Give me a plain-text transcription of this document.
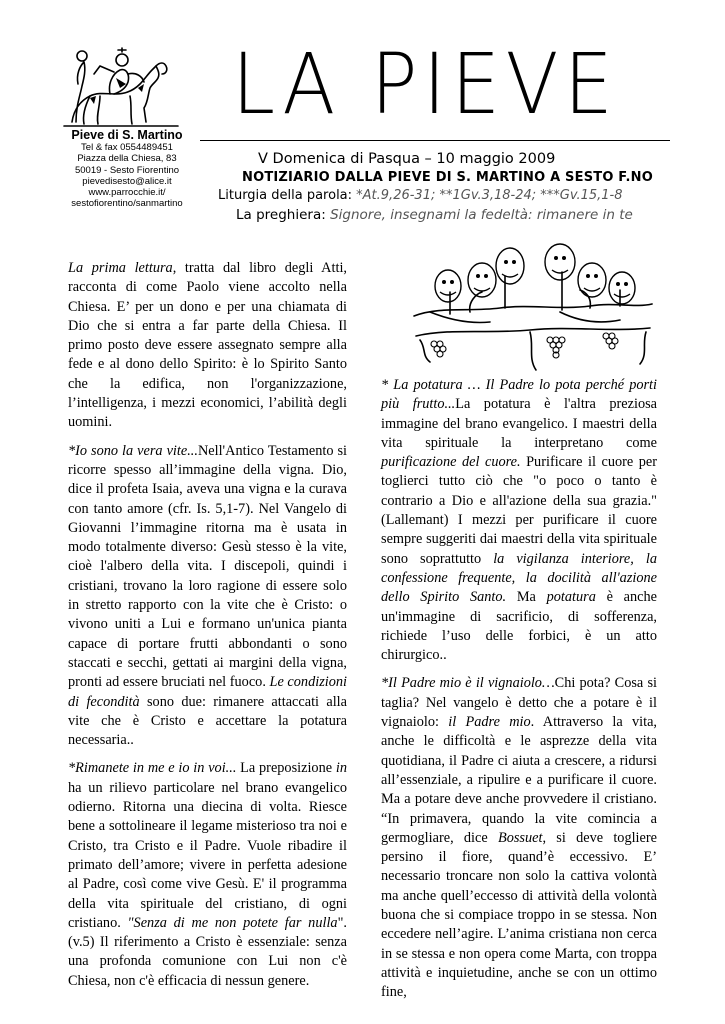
Pieve di S. Martino
Tel & fax 0554489451
Piazza della Chiesa, 83
50019 - Sesto Fiorentino
pievedisesto@alice.it
www.parrocchie.it/
sestofiorentino/sanmartino
LA PIEVE
V Domenica di Pasqua – 10 maggio 2009
NOTIZIARIO DALLA PIEVE DI S. MARTINO A SESTO F.NO
Liturgia della parola: *At.9,26-31; **1Gv.3,18-24; ***Gv.15,1-8
La preghiera: Signore, insegnami la fedeltà: rimanere in te

La prima lettura, tratta dal libro degli Atti, racconta di come Paolo viene accolto nella Chiesa. E’ per un dono e per una chiamata di Dio che si entra a far parte della Chiesa. Il primo posto deve essere assegnato sempre alla fede e al dono dello Spirito: è lo Spirito Santo che la edifica, non l'organizzazione, l’intelligenza, i mezzi economici, l’abilità degli uomini.

*Io sono la vera vite...Nell'Antico Testamento si ricorre spesso all’immagine della vigna. Dio, dice il profeta Isaia, aveva una vigna e la curava con tanto amore (cfr. Is. 5,1-7). Nel Vangelo di Giovanni l’immagine ritorna ma è usata in modo totalmente diverso: Gesù stesso è la vite, cioè l'albero della vita. I discepoli, quindi i cristiani, trovano la loro ragione di essere solo in stretto rapporto con la vite che è Cristo: o vivono uniti a Lui e formano un'unica pianta capace di portare frutti abbondanti o sono staccati e secchi, gettati ai margini della vigna, pronti ad essere bruciati nel fuoco. Le condizioni di fecondità sono due: rimanere attaccati alla vite che è Cristo e accettare la potatura necessaria..

*Rimanete in me e io in voi... La preposizione in ha un rilievo particolare nel brano evangelico odierno. Ritorna una diecina di volta. Riesce bene a sottolineare il legame misterioso tra noi e Cristo, tra Cristo e il Padre. Vuole ribadire il primato dell’amore; vivere in perfetta adesione al Padre, così come vive Gesù. E' il programma della vita spirituale del cristiano, di ogni cristiano. "Senza di me non potete far nulla".(v.5) Il riferimento a Cristo è essenziale: senza una profonda comunione con Lui non c'è Chiesa, non c'è efficacia di nessun genere.

* La potatura … Il Padre lo pota perché porti più frutto...La potatura è l'altra preziosa immagine del brano evangelico. I maestri della vita spirituale la interpretano come purificazione del cuore. Purificare il cuore per toglierci tutto ciò che "o poco o tanto è contrario a Dio e all'azione della sua grazia."(Lallemant) I mezzi per purificare il cuore sempre suggeriti dai maestri della vita spirituale sono soprattutto la vigilanza interiore, la confessione frequente, la docilità all'azione dello Spirito Santo. Ma potatura è anche un'immagine di sacrificio, di sofferenza, richiede l’uso delle forbici, è un atto chirurgico..

*Il Padre mio è il vignaiolo…Chi pota? Cosa si taglia? Nel vangelo è detto che a potare è il vignaiolo: il Padre mio. Attraverso la vita, anche le difficoltà e le asprezze della vita quotidiana, il Padre ci aiuta a crescere, a ridursi all’essenziale, a ripulire e a purificare il cuore. Ma a potare deve anche provvedere il cristiano. “In primavera, quando la vite comincia a germogliare, dice Bossuet, si deve togliere persino il fiore, quand’è eccessivo. E’ necessario troncare non solo la cattiva volontà ma anche quell’eccesso di attività della volontà buona che si compiace troppo in se stessa. Non eccedere nell’agire. L’anima cristiana non cerca in se stessa e non opera come Marta, con troppa attività e inquietudine, anche se con un ottimo fine,
